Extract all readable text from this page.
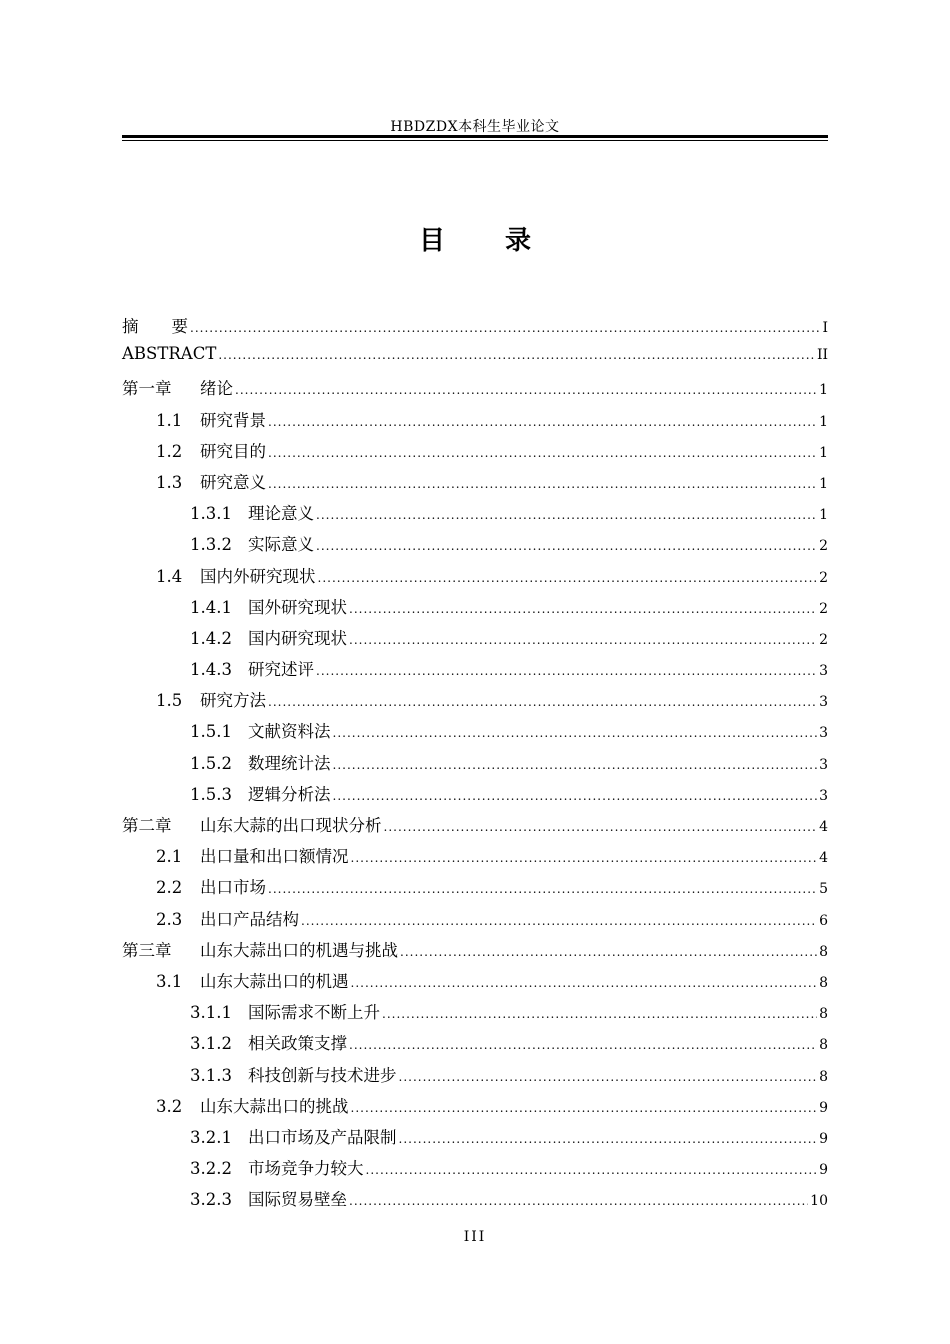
HBDZDX本科生毕业论文
目录
摘　　要 .....	I
ABSTRACT .....	II
第一章	绪论 .....	1
1.1	研究背景 .....	1
1.2	研究目的 .....	1
1.3	研究意义 .....	1
1.3.1 理论意义 .....	1
1.3.2 实际意义 .....	2
1.4	国内外研究现状 .....	2
1.4.1 国外研究现状 .....	2
1.4.2 国内研究现状 .....	2
1.4.3 研究述评 .....	3
1.5	研究方法 .....	3
1.5.1 文献资料法 .....	3
1.5.2 数理统计法 .....	3
1.5.3 逻辑分析法 .....	3
第二章	山东大蒜的出口现状分析 .....	4
2.1	出口量和出口额情况 .....	4
2.2	出口市场 .....	5
2.3	出口产品结构 .....	6
第三章	山东大蒜出口的机遇与挑战 .....	8
3.1	山东大蒜出口的机遇 .....	8
3.1.1 国际需求不断上升 .....	8
3.1.2 相关政策支撑 .....	8
3.1.3 科技创新与技术进步 .....	8
3.2	山东大蒜出口的挑战 .....	9
3.2.1 出口市场及产品限制 .....	9
3.2.2 市场竞争力较大 .....	9
3.2.3 国际贸易壁垒 .....	10
III
